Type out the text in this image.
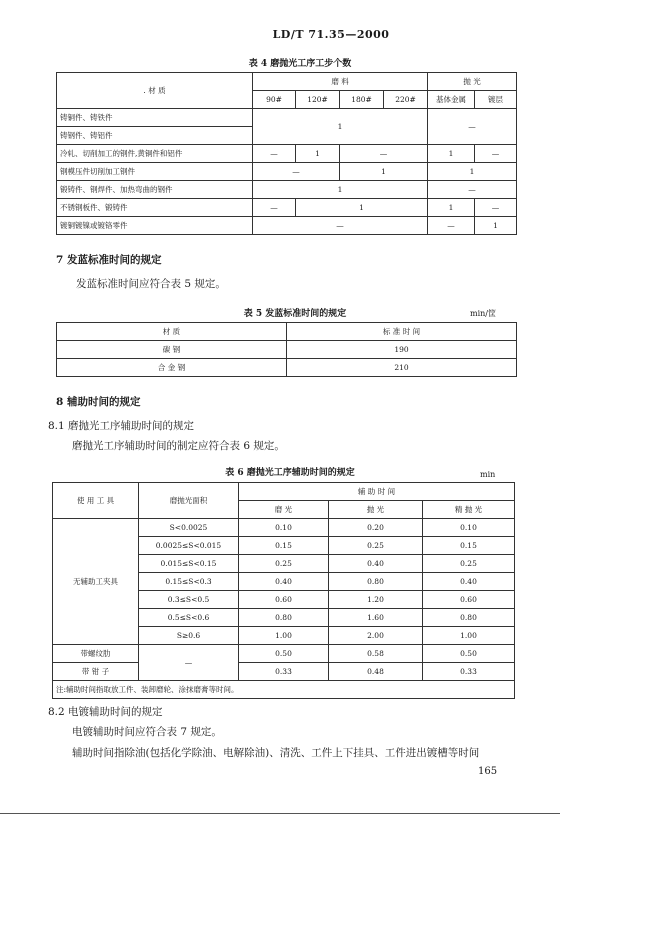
LD/T 71.35—2000
表 4 磨抛光工序工步个数
. 材 质	磨 料				抛 光	
	90#	120#	180#	220#	基体金属	镀层
铸铜件、铸铁件	1				—	
铸钢件、铸铝件						
冷轧、切削加工的钢件,黄铜件和铝件	—	1	—		1	—
钢模压件切削加工钢件	—		1		1	
锻铸件、钢焊件、加热弯曲的钢件	1				—	
不锈钢板件、锻铸件	—	1			1	—
镀铜镀镍或镀铬零件	—				—	1
7 发蓝标准时间的规定
发蓝标准时间应符合表 5 规定。
表 5 发蓝标准时间的规定	min/筐
材 质	标 准 时 间
碳 钢	190
合 金 钢	210
8 辅助时间的规定
8.1 磨抛光工序辅助时间的规定
磨抛光工序辅助时间的制定应符合表 6 规定。
表 6 磨抛光工序辅助时间的规定	min
使 用 工 具	磨抛光面积	辅 助 时 间		
		磨 光	抛 光	精 抛 光
无辅助工夹具	S<0.0025	0.10	0.20	0.10
	0.0025≤S<0.015	0.15	0.25	0.15
	0.015≤S<0.15	0.25	0.40	0.25
	0.15≤S<0.3	0.40	0.80	0.40
	0.3≤S<0.5	0.60	1.20	0.60
	0.5≤S<0.6	0.80	1.60	0.80
	S≥0.6	1.00	2.00	1.00
带螺纹肋	—	0.50	0.58	0.50
带 钳 子		0.33	0.48	0.33
注:辅助时间指取放工件、装卸磨轮、涂抹磨膏等时间。				
8.2 电镀辅助时间的规定
电镀辅助时间应符合表 7 规定。
辅助时间指除油(包括化学除油、电解除油)、清洗、工件上下挂具、工件进出镀槽等时间
165
